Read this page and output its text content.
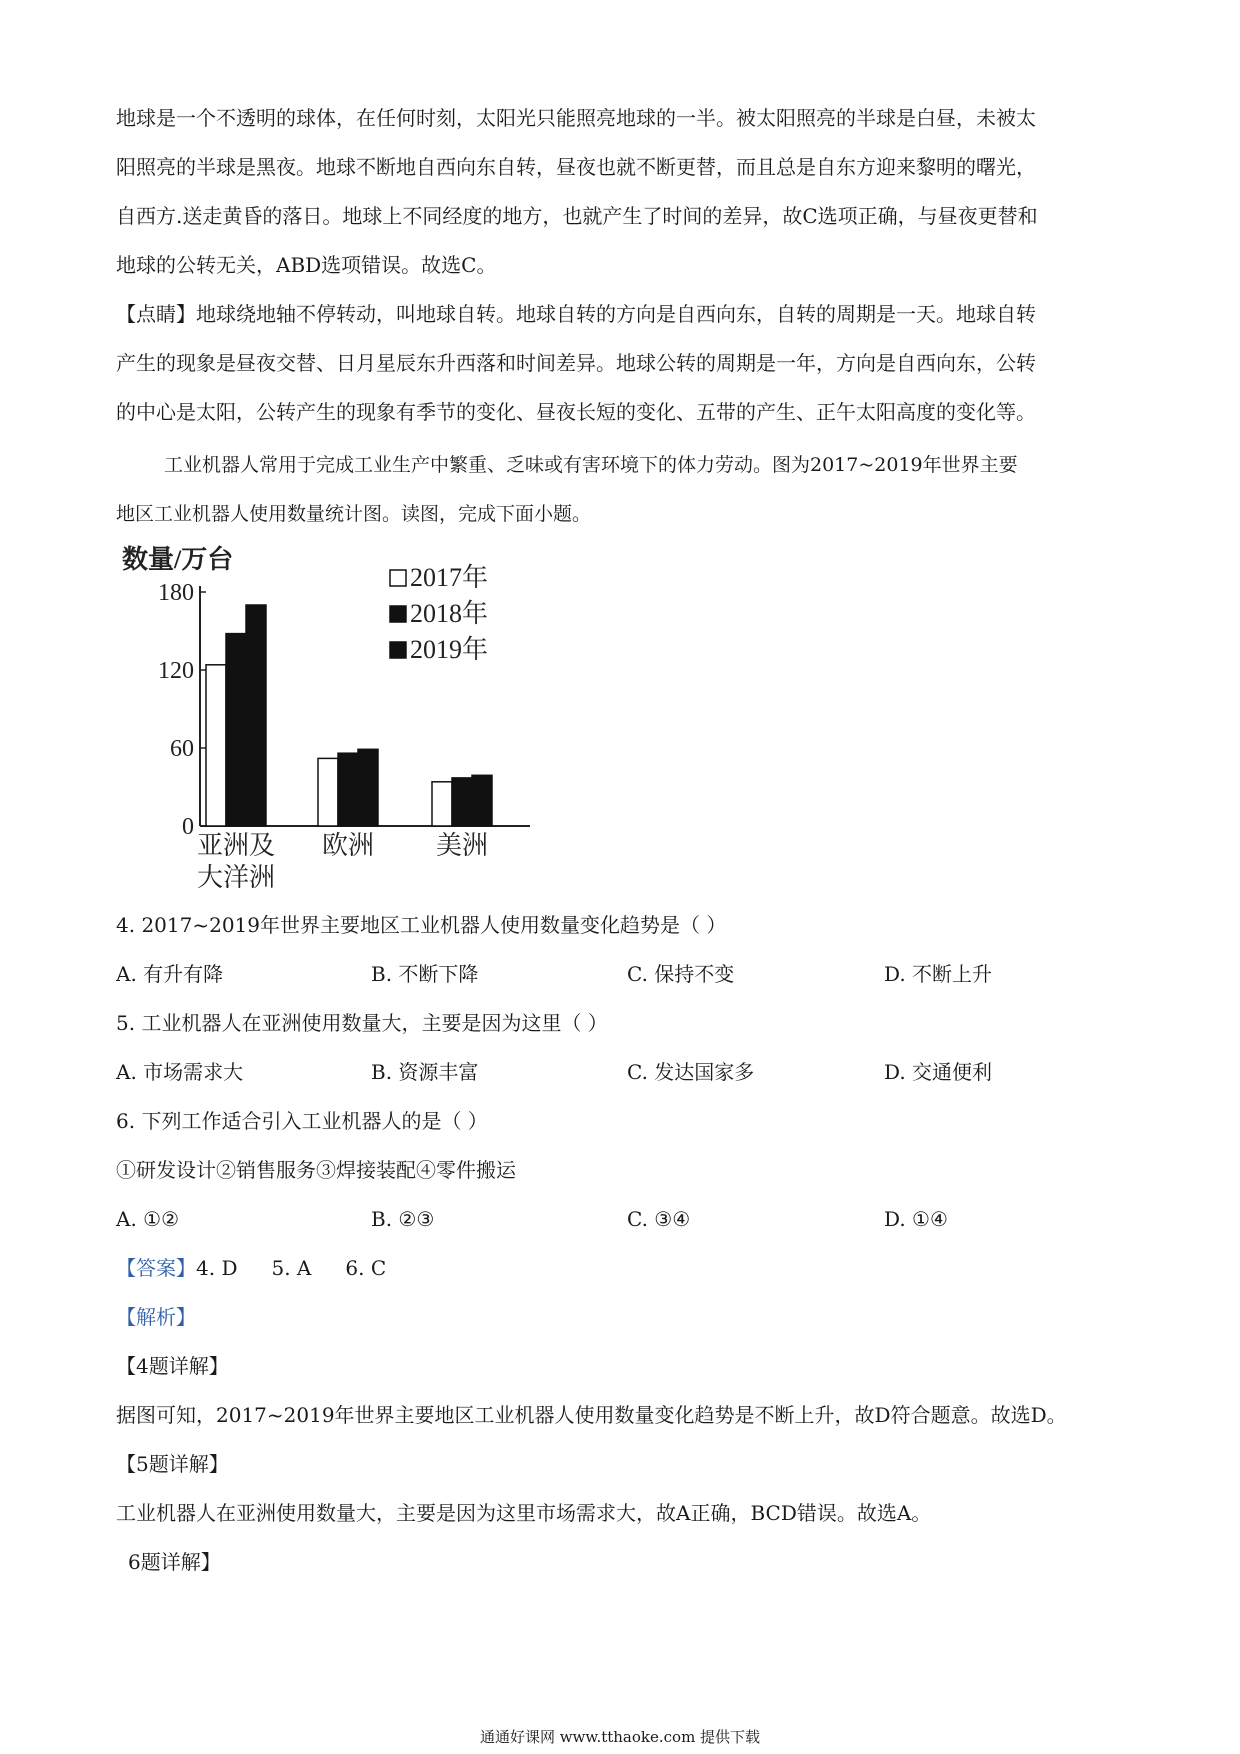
地球是一个不透明的球体，在任何时刻，太阳光只能照亮地球的一半。被太阳照亮的半球是白昼，未被太
阳照亮的半球是黑夜。地球不断地自西向东自转，昼夜也就不断更替，而且总是自东方迎来黎明的曙光，
自西方.送走黄昏的落日。地球上不同经度的地方，也就产生了时间的差异，故C选项正确，与昼夜更替和
地球的公转无关，ABD选项错误。故选C。
【点睛】地球绕地轴不停转动，叫地球自转。地球自转的方向是自西向东，自转的周期是一天。地球自转
产生的现象是昼夜交替、日月星辰东升西落和时间差异。地球公转的周期是一年，方向是自西向东，公转
的中心是太阳，公转产生的现象有季节的变化、昼夜长短的变化、五带的产生、正午太阳高度的变化等。
工业机器人常用于完成工业生产中繁重、乏味或有害环境下的体力劳动。图为2017~2019年世界主要
地区工业机器人使用数量统计图。读图，完成下面小题。
数量/万台
0
60
120
180
亚洲及
大洋洲
欧洲 美洲
2017年
2018年
2019年
4. 2017~2019年世界主要地区工业机器人使用数量变化趋势是（ ）
A. 有升有降	B. 不断下降	C. 保持不变	D. 不断上升
5. 工业机器人在亚洲使用数量大，主要是因为这里（ ）
A. 市场需求大	B. 资源丰富	C. 发达国家多	D. 交通便利
6. 下列工作适合引入工业机器人的是（ ）
①研发设计②销售服务③焊接装配④零件搬运
A. ①②	B. ②③	C. ③④	D. ①④
【答案】4. D 5. A 6. C
【解析】
【4题详解】
据图可知，2017~2019年世界主要地区工业机器人使用数量变化趋势是不断上升，故D符合题意。故选D。
【5题详解】
工业机器人在亚洲使用数量大，主要是因为这里市场需求大，故A正确，BCD错误。故选A。
6题详解】
通通好课网 www.tthaoke.com 提供下载
